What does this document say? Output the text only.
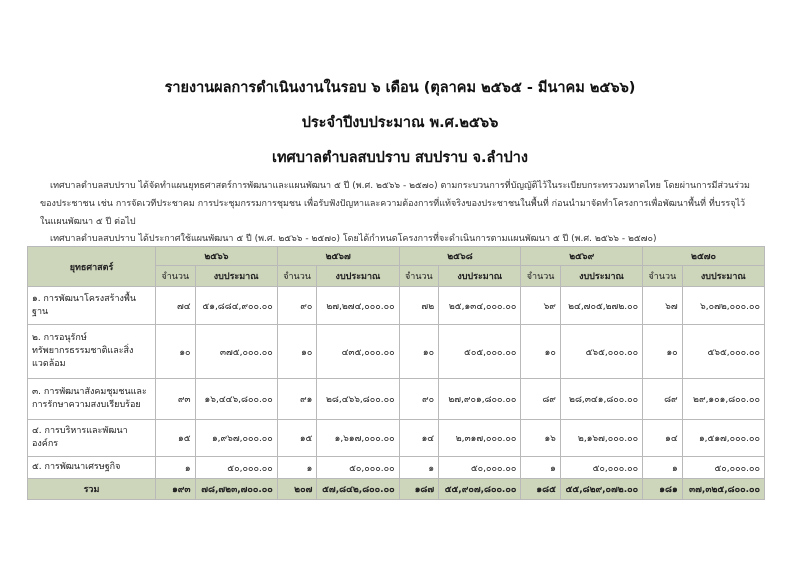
รายงานผลการดำเนินงานในรอบ ๖ เดือน (ตุลาคม ๒๕๖๕ - มีนาคม ๒๕๖๖)
ประจำปีงบประมาณ พ.ศ.๒๕๖๖
เทศบาลตำบลสบปราบ สบปราบ จ.ลำปาง

เทศบาลตำบลสบปราบ ได้จัดทำแผนยุทธศาสตร์การพัฒนาและแผนพัฒนา ๕ ปี (พ.ศ. ๒๕๖๖ - ๒๕๗๐) ตามกระบวนการที่บัญญัติไว้ในระเบียบกระทรวงมหาดไทย โดยผ่านการมีส่วนร่วมของประชาชน เช่น การจัดเวทีประชาคม การประชุมกรรมการชุมชน เพื่อรับฟังปัญหาและความต้องการที่แท้จริงของประชาชนในพื้นที่ ก่อนนำมาจัดทำโครงการเพื่อพัฒนาพื้นที่ ที่บรรจุไว้ในแผนพัฒนา ๕ ปี ต่อไป

เทศบาลตำบลสบปราบ ได้ประกาศใช้แผนพัฒนา ๕ ปี (พ.ศ. ๒๕๖๖ - ๒๕๗๐) โดยได้กำหนดโครงการที่จะดำเนินการตามแผนพัฒนา ๕ ปี (พ.ศ. ๒๕๖๖ - ๒๕๗๐)

ยุทธศาสตร์	๒๕๖๖		๒๕๖๗		๒๕๖๘		๒๕๖๙		๒๕๗๐	
	จำนวน	งบประมาณ	จำนวน	งบประมาณ	จำนวน	งบประมาณ	จำนวน	งบประมาณ	จำนวน	งบประมาณ
๑. การพัฒนาโครงสร้างพื้นฐาน	๗๔	๕๑,๘๘๔,๙๐๐.๐๐	๙๐	๒๗,๒๗๔,๐๐๐.๐๐	๗๒	๒๕,๑๓๔,๐๐๐.๐๐	๖๙	๒๔,๗๐๕,๒๗๒.๐๐	๖๗	๖,๐๗๒,๐๐๐.๐๐
๒. การอนุรักษ์ทรัพยากรธรรมชาติและสิ่งแวดล้อม	๑๐	๓๗๕,๐๐๐.๐๐	๑๐	๔๓๕,๐๐๐.๐๐	๑๐	๕๐๕,๐๐๐.๐๐	๑๐	๕๖๕,๐๐๐.๐๐	๑๐	๕๖๕,๐๐๐.๐๐
๓. การพัฒนาสังคมชุมชนและการรักษาความสงบเรียบร้อย	๙๓	๑๖,๔๔๖,๘๐๐.๐๐	๙๑	๒๘,๔๖๖,๘๐๐.๐๐	๙๐	๒๗,๙๐๑,๘๐๐.๐๐	๘๙	๒๘,๓๔๑,๘๐๐.๐๐	๘๙	๒๙,๑๐๑,๘๐๐.๐๐
๔. การบริหารและพัฒนาองค์กร	๑๕	๑,๙๖๗,๐๐๐.๐๐	๑๕	๑,๖๑๗,๐๐๐.๐๐	๑๔	๒,๓๑๗,๐๐๐.๐๐	๑๖	๒,๑๖๗,๐๐๐.๐๐	๑๔	๑,๕๑๗,๐๐๐.๐๐
๕. การพัฒนาเศรษฐกิจ	๑	๕๐,๐๐๐.๐๐	๑	๕๐,๐๐๐.๐๐	๑	๕๐,๐๐๐.๐๐	๑	๕๐,๐๐๐.๐๐	๑	๕๐,๐๐๐.๐๐
รวม	๑๙๓	๗๘,๗๒๓,๗๐๐.๐๐	๒๐๗	๕๗,๘๔๒,๘๐๐.๐๐	๑๘๗	๕๕,๙๐๗,๘๐๐.๐๐	๑๘๕	๕๕,๘๒๙,๐๗๒.๐๐	๑๘๑	๓๗,๓๒๕,๘๐๐.๐๐
